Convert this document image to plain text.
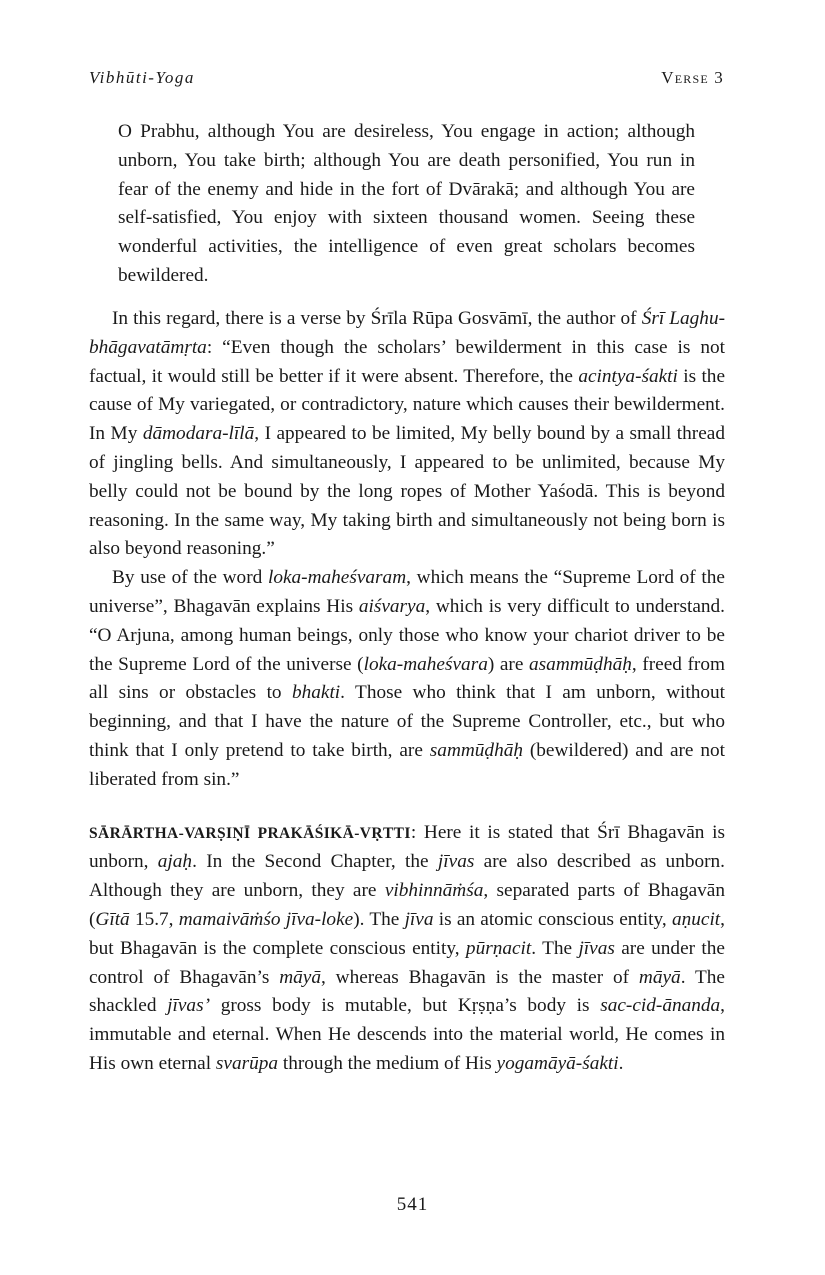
Vibhūti-Yoga	Verse 3

O Prabhu, although You are desireless, You engage in action; although unborn, You take birth; although You are death personified, You run in fear of the enemy and hide in the fort of Dvārakā; and although You are self-satisfied, You enjoy with sixteen thousand women. Seeing these wonderful activities, the intelligence of even great scholars becomes bewildered.

In this regard, there is a verse by Śrīla Rūpa Gosvāmī, the author of Śrī Laghu-bhāgavatāmṛta: “Even though the scholars’ bewilderment in this case is not factual, it would still be better if it were absent. Therefore, the acintya-śakti is the cause of My variegated, or contradictory, nature which causes their bewilderment. In My dāmodara-līlā, I appeared to be limited, My belly bound by a small thread of jingling bells. And simultaneously, I appeared to be unlimited, because My belly could not be bound by the long ropes of Mother Yaśodā. This is beyond reasoning. In the same way, My taking birth and simultaneously not being born is also beyond reasoning.”

By use of the word loka-maheśvaram, which means the “Supreme Lord of the universe”, Bhagavān explains His aiśvarya, which is very difficult to understand. “O Arjuna, among human beings, only those who know your chariot driver to be the Supreme Lord of the universe (loka-maheśvara) are asammūḍhāḥ, freed from all sins or obstacles to bhakti. Those who think that I am unborn, without beginning, and that I have the nature of the Supreme Controller, etc., but who think that I only pretend to take birth, are sammūḍhāḥ (bewildered) and are not liberated from sin.”

SĀRĀRTHA-VARṢIṆĪ PRAKĀŚIKĀ-VṚTTI: Here it is stated that Śrī Bhagavān is unborn, ajaḥ. In the Second Chapter, the jīvas are also described as unborn. Although they are unborn, they are vibhinnāṁśa, separated parts of Bhagavān (Gītā 15.7, mamaivāṁśo jīva-loke). The jīva is an atomic conscious entity, aṇucit, but Bhagavān is the complete conscious entity, pūrṇacit. The jīvas are under the control of Bhagavān’s māyā, whereas Bhagavān is the master of māyā. The shackled jīvas’ gross body is mutable, but Kṛṣṇa’s body is sac-cid-ānanda, immutable and eternal. When He descends into the material world, He comes in His own eternal svarūpa through the medium of His yogamāyā-śakti.

541
